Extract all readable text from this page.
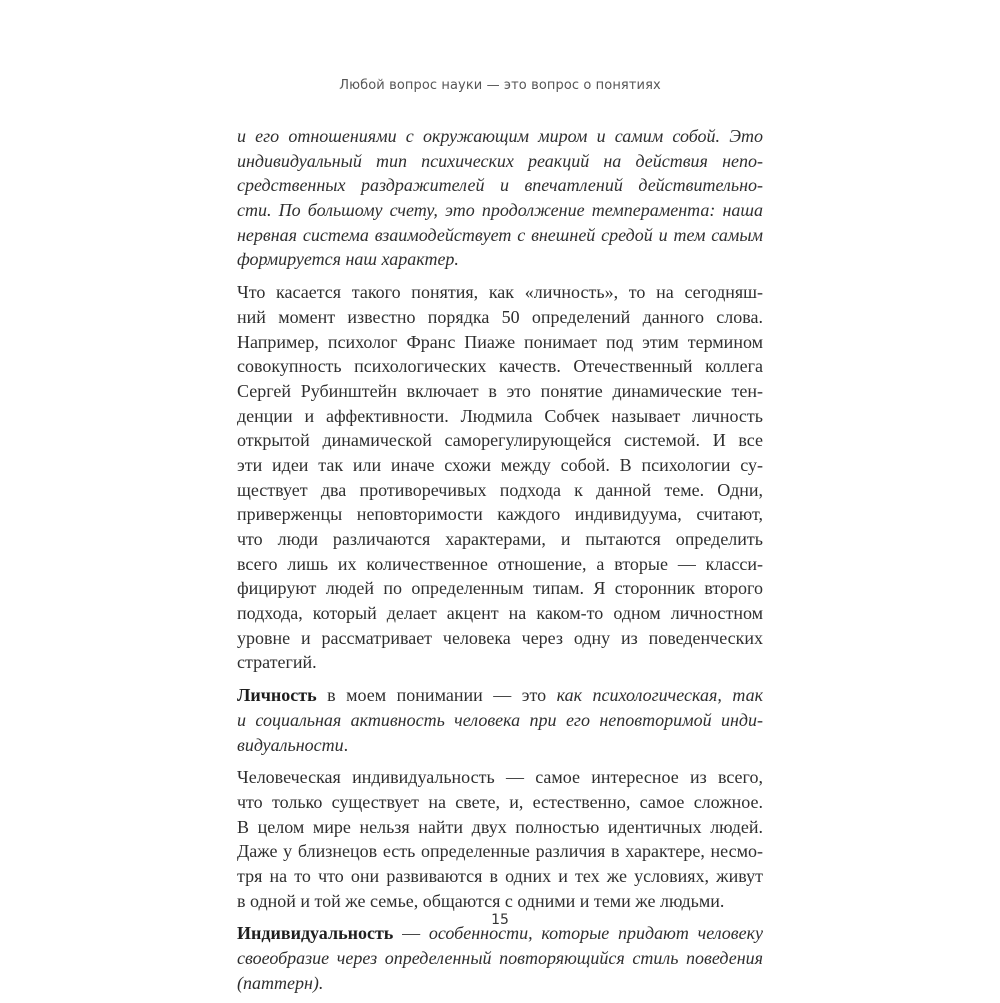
Любой вопрос науки — это вопрос о понятиях
и его отношениями с окружающим миром и самим собой. Это
индивидуальный тип психических реакций на действия непо-
средственных раздражителей и впечатлений действительно-
сти. По большому счету, это продолжение темперамента: наша
нервная система взаимодействует с внешней средой и тем самым
формируется наш характер.
Что касается такого понятия, как «личность», то на сегодняш-
ний момент известно порядка 50 определений данного слова.
Например, психолог Франс Пиаже понимает под этим термином
совокупность психологических качеств. Отечественный коллега
Сергей Рубинштейн включает в это понятие динамические тен-
денции и аффективности. Людмила Собчек называет личность
открытой динамической саморегулирующейся системой. И все
эти идеи так или иначе схожи между собой. В психологии су-
ществует два противоречивых подхода к данной теме. Одни,
приверженцы неповторимости каждого индивидуума, считают,
что люди различаются характерами, и пытаются определить
всего лишь их количественное отношение, а вторые — класси-
фицируют людей по определенным типам. Я сторонник второго
подхода, который делает акцент на каком-то одном личностном
уровне и рассматривает человека через одну из поведенческих
стратегий.
Личность в моем понимании — это как психологическая, так
и социальная активность человека при его неповторимой инди-
видуальности.
Человеческая индивидуальность — самое интересное из всего,
что только существует на свете, и, естественно, самое сложное.
В целом мире нельзя найти двух полностью идентичных людей.
Даже у близнецов есть определенные различия в характере, несмо-
тря на то что они развиваются в одних и тех же условиях, живут
в одной и той же семье, общаются с одними и теми же людьми.
Индивидуальность — особенности, которые придают человеку
своеобразие через определенный повторяющийся стиль поведения
(паттерн).
15
